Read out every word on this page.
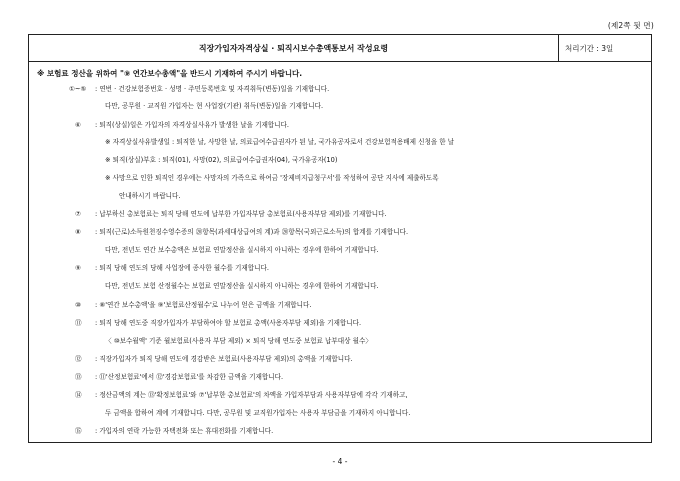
(제2쪽 뒷 면)
직장가입자자격상실 · 퇴직시보수총액통보서 작성요령	처리기간 : 3일
※ 보험료 정산을 위하여 "⑨ 연간보수총액"을 반드시 기재하여 주시기 바랍니다.
①~⑤ : 연번 · 건강보험증번호 · 성명 · 주민등록번호 및 자격취득(변동)일을 기재합니다.
다만, 공무원 · 교직원 가입자는 현 사업장(기관) 취득(변동)일을 기재합니다.
⑥ : 퇴직(상실)일은 가입자의 자격상실사유가 발생한 날을 기재합니다.
※ 자격상실사유발생일 : 퇴직한 날, 사망한 날, 의료급여수급권자가 된 날, 국가유공자로서 건강보험적용배제 신청을 한 날
※ 퇴직(상실)부호 : 퇴직(01), 사망(02), 의료급여수급권자(04), 국가유공자(10)
※ 사망으로 인한 퇴직인 경우에는 사망자의 가족으로 하여금 '장제비지급청구서'를 작성하여 공단 지사에 제출하도록
안내하시기 바랍니다.
⑦ : 납부하신 총보험료는 퇴직 당해 연도에 납부한 가입자부담 총보험료(사용자부담 제외)를 기재합니다.
⑧ : 퇴직(근로)소득원천징수영수증의 ⑳항목(과세대상급여의 계)과 ⑳항목(국외근로소득)의 합계를 기재합니다.
다만, 전년도 연간 보수총액은 보험료 연말정산을 실시하지 아니하는 경우에 한하여 기재합니다.
⑨ : 퇴직 당해 연도의 당해 사업장에 종사한 월수를 기재합니다.
다만, 전년도 보험 산정월수는 보험료 연말정산을 실시하지 아니하는 경우에 한하여 기재합니다.
⑩ : ⑧'연간 보수총액'을 ⑨'보험료산정월수'로 나누어 얻은 금액을 기재합니다.
⑪ : 퇴직 당해 연도중 직장가입자가 부담하여야 할 보험료 총액(사용자부담 제외)을 기재합니다.
〈 ⑩보수월액' 기준 월보험료(사용자 부담 제외) × 퇴직 당해 연도중 보험료 납부대상 월수〉
⑫ : 직장가입자가 퇴직 당해 연도에 경감받은 보험료(사용자부담 제외)의 총액을 기재합니다.
⑬ : ⑪'산정보험료'에서 ⑫'경감보험료'를 차감한 금액을 기재합니다.
⑭ : 정산금액의 계는 ⑬'확정보험료'와 ⑦'납부한 총보험료'의 차액을 가입자부담과 사용자부담에 각각 기재하고,
두 금액을 합하여 계에 기재합니다. 다만, 공무원 및 교직원가입자는 사용자 부담금을 기재하지 아니합니다.
⑮ : 가입자의 연락 가능한 자택전화 또는 휴대전화를 기재합니다.
- 4 -
